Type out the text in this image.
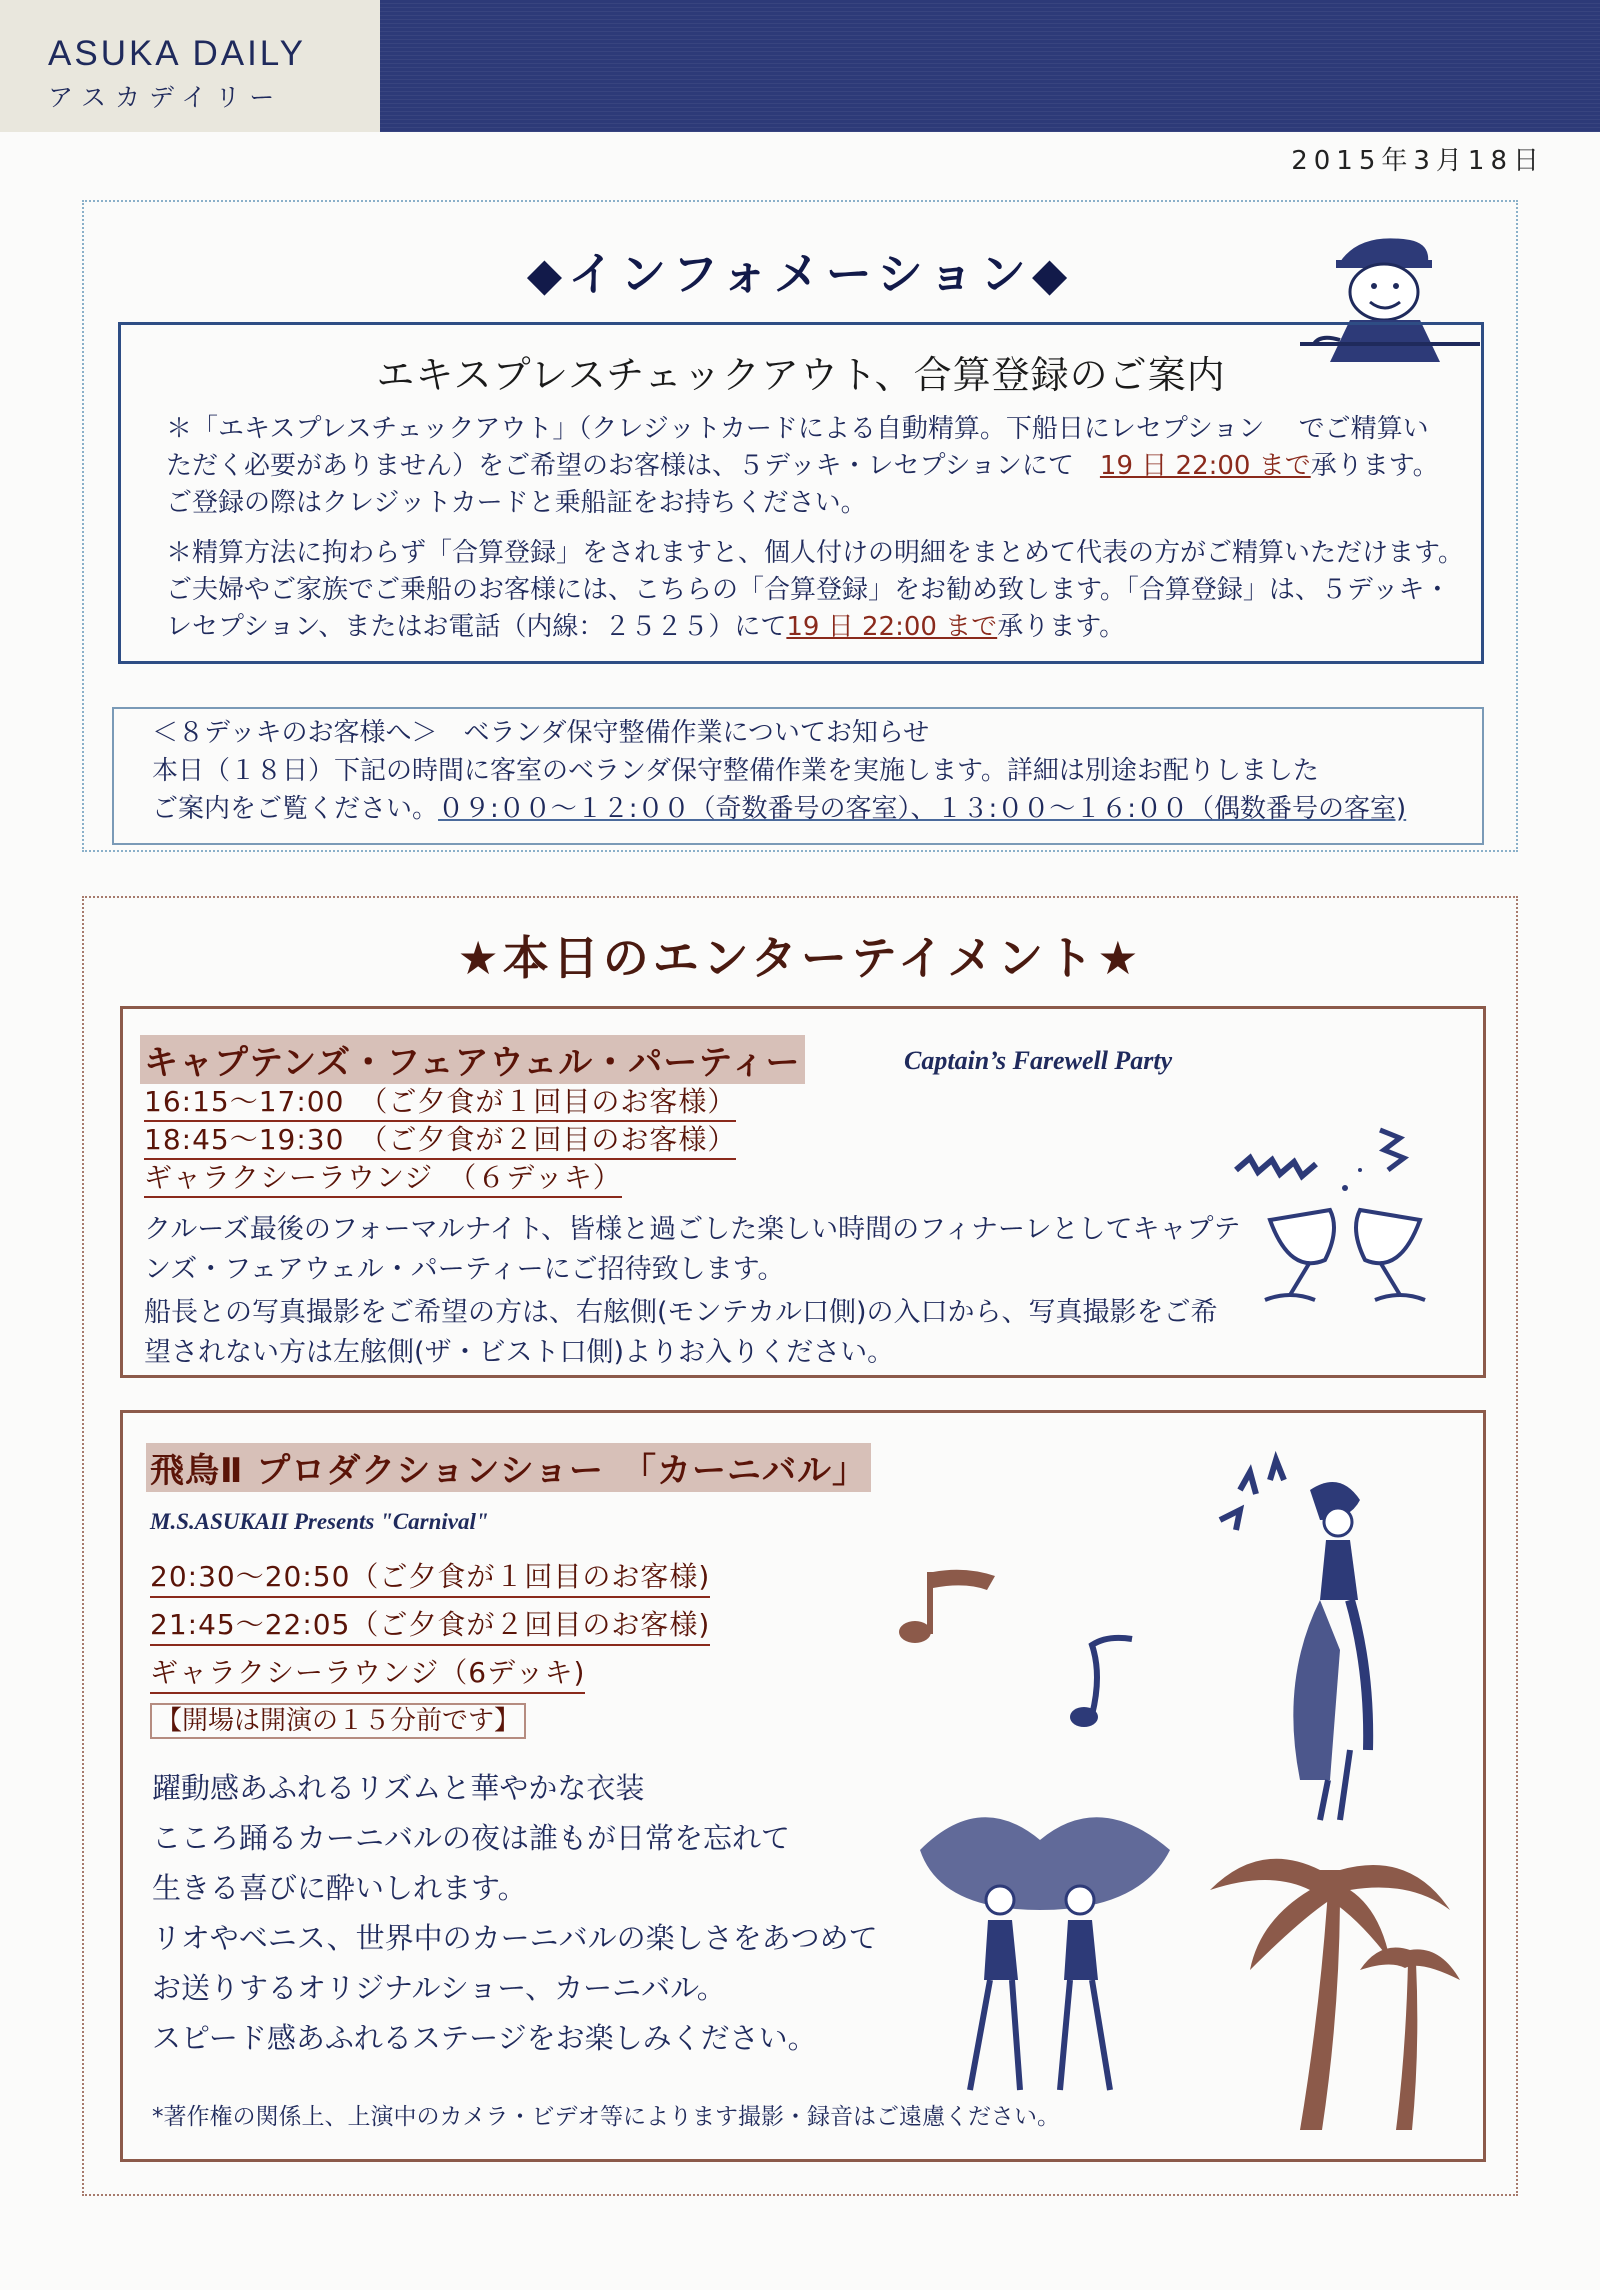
ASUKA DAILY
アスカデイリー
2015年3月18日
◆インフォメーション◆
エキスプレスチェックアウト、合算登録のご案内
＊「エキスプレスチェックアウト」（クレジットカードによる自動精算。下船日にレセプション　 でご精算いただく必要がありません）をご希望のお客様は、５デッキ・レセプションにて　19 日 22:00 まで承ります。ご登録の際はクレジットカードと乗船証をお持ちください。
＊精算方法に拘わらず「合算登録」をされますと、個人付けの明細をまとめて代表の方がご精算いただけます。ご夫婦やご家族でご乗船のお客様には、こちらの「合算登録」をお勧め致します。「合算登録」は、５デッキ・レセプション、またはお電話（内線：２５２５）にて19 日 22:00 まで承ります。
＜８デッキのお客様へ＞　ベランダ保守整備作業についてお知らせ
本日（１８日）下記の時間に客室のベランダ保守整備作業を実施します。詳細は別途お配りしました
ご案内をご覧ください。０９:００～１２:００（奇数番号の客室）、１３:００～１６:００（偶数番号の客室)
★本日のエンターテイメント★
キャプテンズ・フェアウェル・パーティー	Captain’s Farewell Party
16:15～17:00　（ご夕食が１回目のお客様）
18:45～19:30　（ご夕食が２回目のお客様）
ギャラクシーラウンジ　（６デッキ）
クルーズ最後のフォーマルナイト、皆様と過ごした楽しい時間のフィナーレとしてキャプテンズ・フェアウェル・パーティーにご招待致します。
船長との写真撮影をご希望の方は、右舷側(モンテカル口側)の入口から、写真撮影をご希望されない方は左舷側(ザ・ビスト口側)よりお入りください。
飛鳥Ⅱ プロダクションショー　「カーニバル」
M.S.ASUKAII Presents "Carnival"
20:30～20:50（ご夕食が１回目のお客様)
21:45～22:05（ご夕食が２回目のお客様)
ギャラクシーラウンジ（6デッキ)
【開場は開演の１５分前です】
躍動感あふれるリズムと華やかな衣装
こころ踊るカーニバルの夜は誰もが日常を忘れて
生きる喜びに酔いしれます。
リオやベニス、世界中のカーニバルの楽しさをあつめて
お送りするオリジナルショー、カーニバル。
スピード感あふれるステージをお楽しみください。
*著作権の関係上、上演中のカメラ・ビデオ等によります撮影・録音はご遠慮ください。
